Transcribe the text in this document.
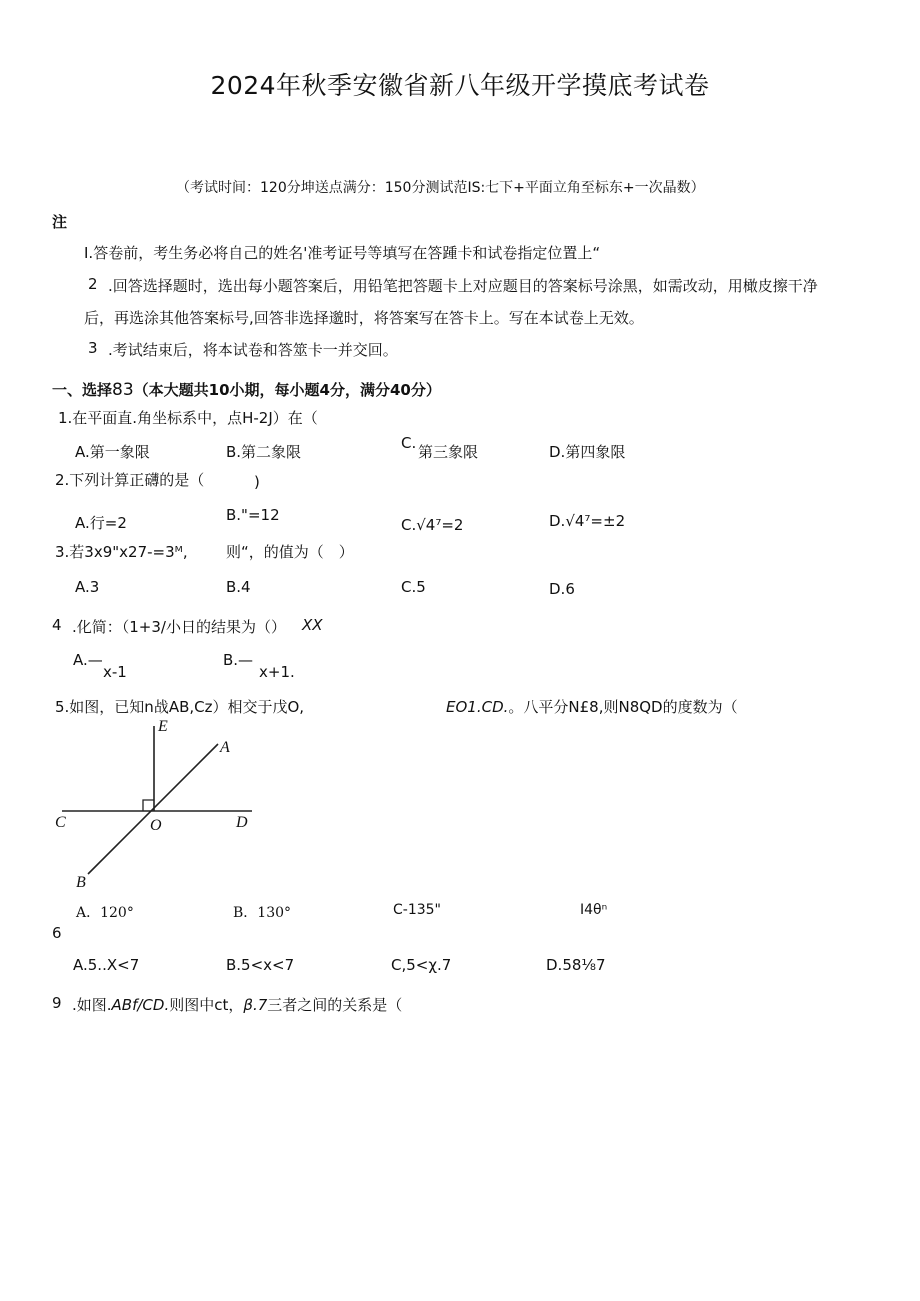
2024年秋季安徽省新八年级开学摸底考试卷
（考试时间：120分坤送点满分：150分测试范IS:七下+平面立角至标东+一次晶数）
注
Ⅰ.答卷前，考生务必将自己的姓名'准考证号等填写在答踵卡和试卷指定位置上“
2 .回答选择题时，选出每小题答案后，用铅笔把答题卡上对应题目的答案标号涂黑，如需改动，用橄皮擦干净
后，再选涂其他答案标号,回答非选择邈时，将答案写在答卡上。写在本试卷上无效。
3 .考试结束后，将本试卷和答筮卡一并交回。
一、选择83（本大题共10小期，每小题4分，满分40分）
1.在平面直.角坐标系中，点H-2J）在（
A.第一象限	B.第二象限	C. 第三象限	D.第四象限
2.下列计算正礴的是（	)
A.行=2	B."=12
C.√4⁷=2	D.√4⁷=±2
3.若3x9"x27-=3ᴹ,	则“，的值为（　）
A.3	B.4	C.5	D.6
4 .化简：（1+3/小日的结果为（） XX
A.—
x-1
B.—
x+1.
5.如图，已知n战AB,Cz）相交于戊O,	EO1.CD.。八平分N£8,则N8QD的度数为（
E
A
C	O	D
B
A．120°	B．130°	C-135"	I4θⁿ
6
A.5..X<7	B.5<x<7	C,5<χ.7	D.58⅛7
9 .如图.ABf/CD.则图中ct，β.7三者之间的关系是（
